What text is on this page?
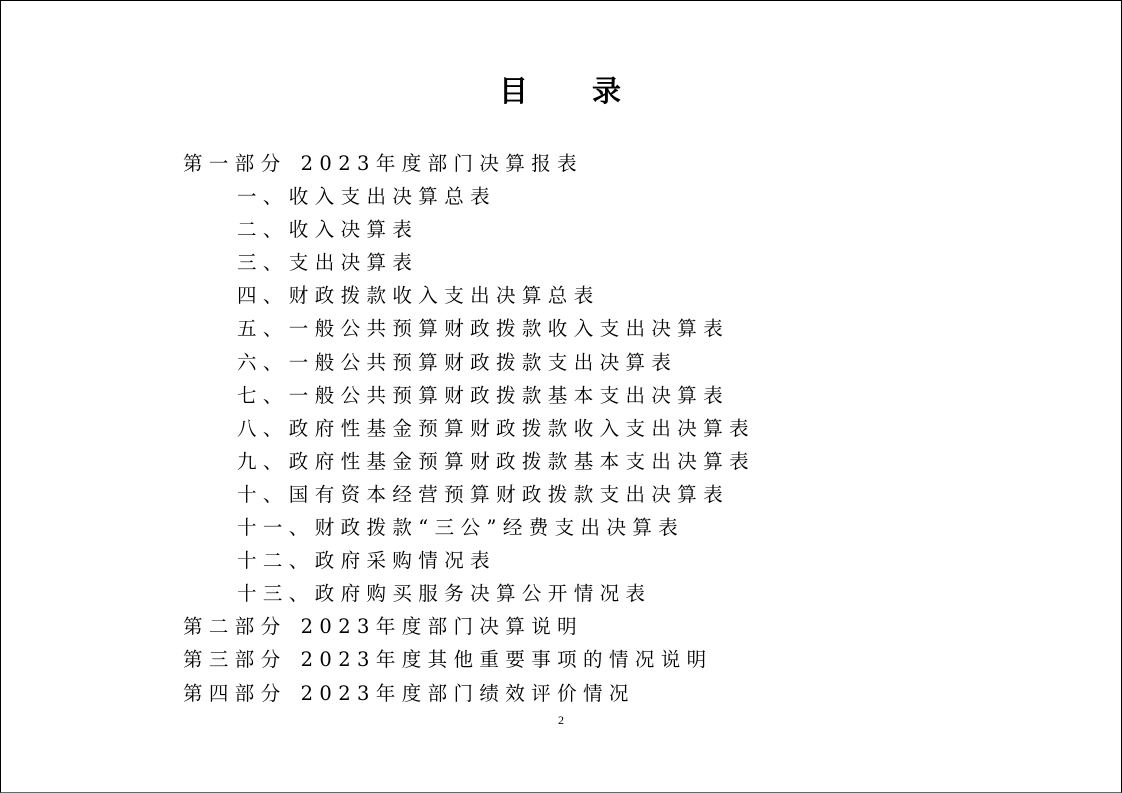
目　　录
第一部分 2023年度部门决算报表
一、收入支出决算总表
二、收入决算表
三、支出决算表
四、财政拨款收入支出决算总表
五、一般公共预算财政拨款收入支出决算表
六、一般公共预算财政拨款支出决算表
七、一般公共预算财政拨款基本支出决算表
八、政府性基金预算财政拨款收入支出决算表
九、政府性基金预算财政拨款基本支出决算表
十、国有资本经营预算财政拨款支出决算表
十一、财政拨款“三公”经费支出决算表
十二、政府采购情况表
十三、政府购买服务决算公开情况表
第二部分 2023年度部门决算说明
第三部分 2023年度其他重要事项的情况说明
第四部分 2023年度部门绩效评价情况
2
